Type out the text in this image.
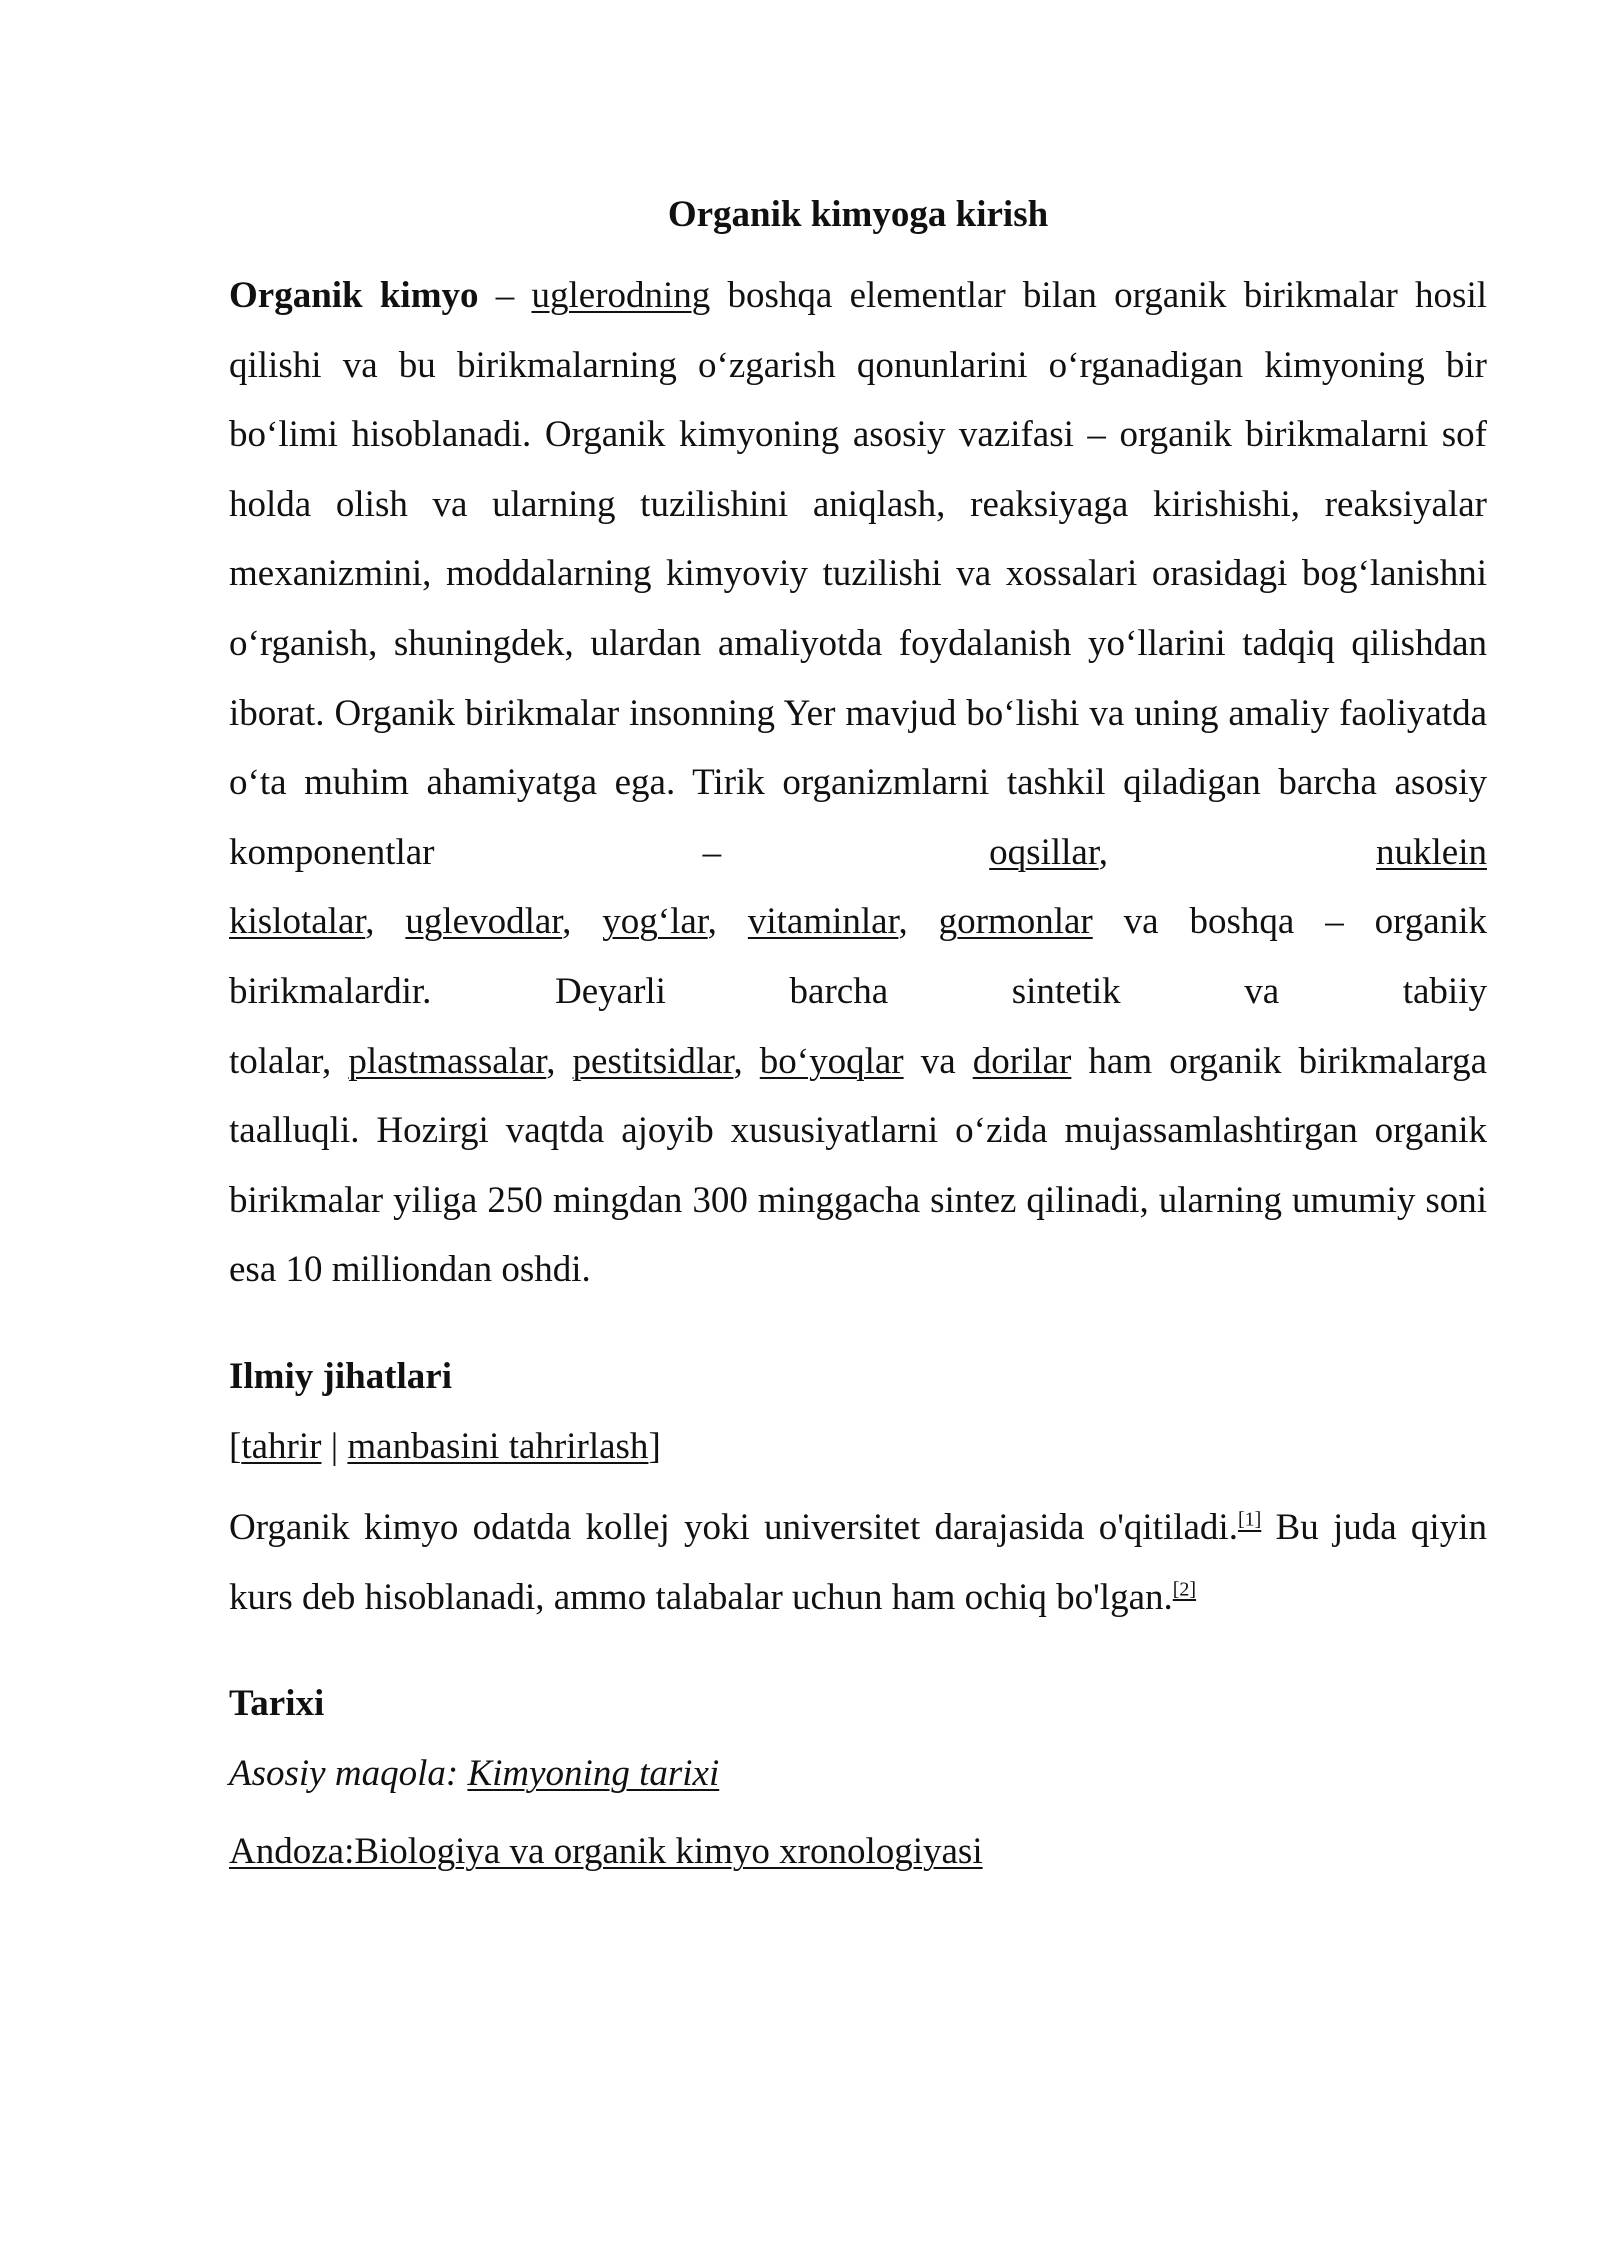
Organik kimyoga kirish
Organik kimyo – uglerodning boshqa elementlar bilan organik birikmalar hosil qilishi va bu birikmalarning o‘zgarish qonunlarini o‘rganadigan kimyoning bir bo‘limi hisoblanadi. Organik kimyoning asosiy vazifasi – organik birikmalarni sof holda olish va ularning tuzilishini aniqlash, reaksiyaga kirishishi, reaksiyalar mexanizmini, moddalarning kimyoviy tuzilishi va xossalari orasidagi bog‘lanishni o‘rganish, shuningdek, ulardan amaliyotda foydalanish yo‘llarini tadqiq qilishdan iborat. Organik birikmalar insonning Yer mavjud bo‘lishi va uning amaliy faoliyatda o‘ta muhim ahamiyatga ega. Tirik organizmlarni tashkil qiladigan barcha asosiy komponentlar – oqsillar, nuklein
kislotalar, uglevodlar, yog‘lar, vitaminlar, gormonlar va boshqa – organik birikmalardir. Deyarli barcha sintetik va tabiiy
tolalar, plastmassalar, pestitsidlar, bo‘yoqlar va dorilar ham organik birikmalarga taalluqli. Hozirgi vaqtda ajoyib xususiyatlarni o‘zida mujassamlashtirgan organik birikmalar yiliga 250 mingdan 300 minggacha sintez qilinadi, ularning umumiy soni esa 10 milliondan oshdi.
Ilmiy jihatlari
[tahrir | manbasini tahrirlash]

Organik kimyo odatda kollej yoki universitet darajasida o'qitiladi.[1] Bu juda qiyin kurs deb hisoblanadi, ammo talabalar uchun ham ochiq bo'lgan.[2]

Tarixi
Asosiy maqola: Kimyoning tarixi

Andoza:Biologiya va organik kimyo xronologiyasi
